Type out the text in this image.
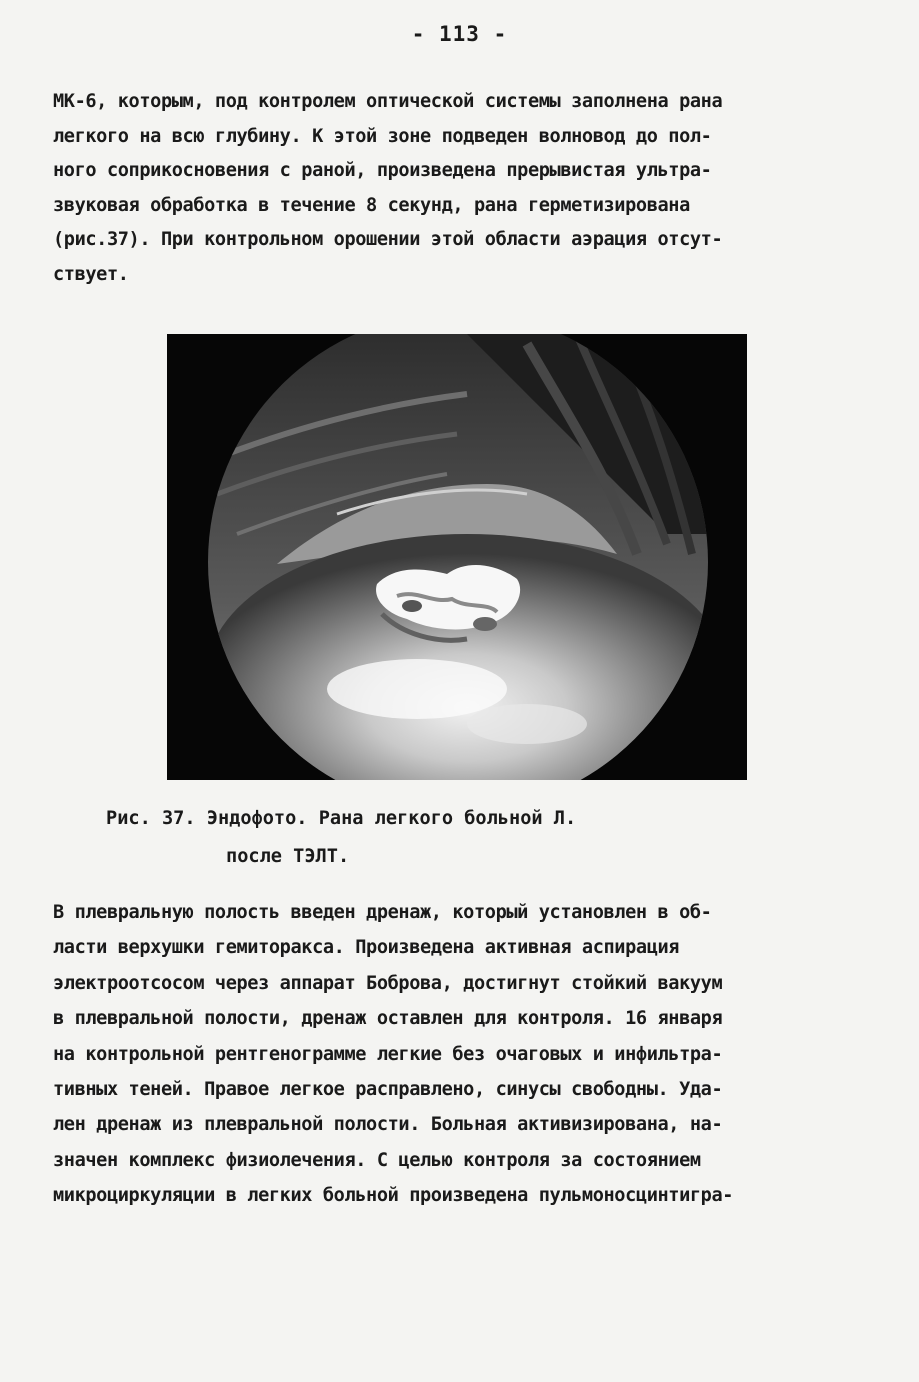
- 113 -
МК-6, которым, под контролем оптической системы заполнена рана
легкого на всю глубину. К этой зоне подведен волновод до пол-
ного соприкосновения с раной, произведена прерывистая ультра-
звуковая обработка в течение 8 секунд, рана герметизирована
(рис.37). При контрольном орошении этой области аэрация отсут-
ствует.
Рис. 37. Эндофото. Рана легкого больной Л.
после ТЭЛТ.
В плевральную полость введен дренаж, который установлен в об-
ласти верхушки гемиторакса. Произведена активная аспирация
электроотсосом через аппарат Боброва, достигнут стойкий вакуум
в плевральной полости, дренаж оставлен для контроля. 16 января
на контрольной рентгенограмме легкие без очаговых и инфильтра-
тивных теней. Правое легкое расправлено, синусы свободны. Уда-
лен дренаж из плевральной полости. Больная активизирована, на-
значен комплекс физиолечения. С целью контроля за состоянием
микроциркуляции в легких больной произведена пульмоносцинтигра-
